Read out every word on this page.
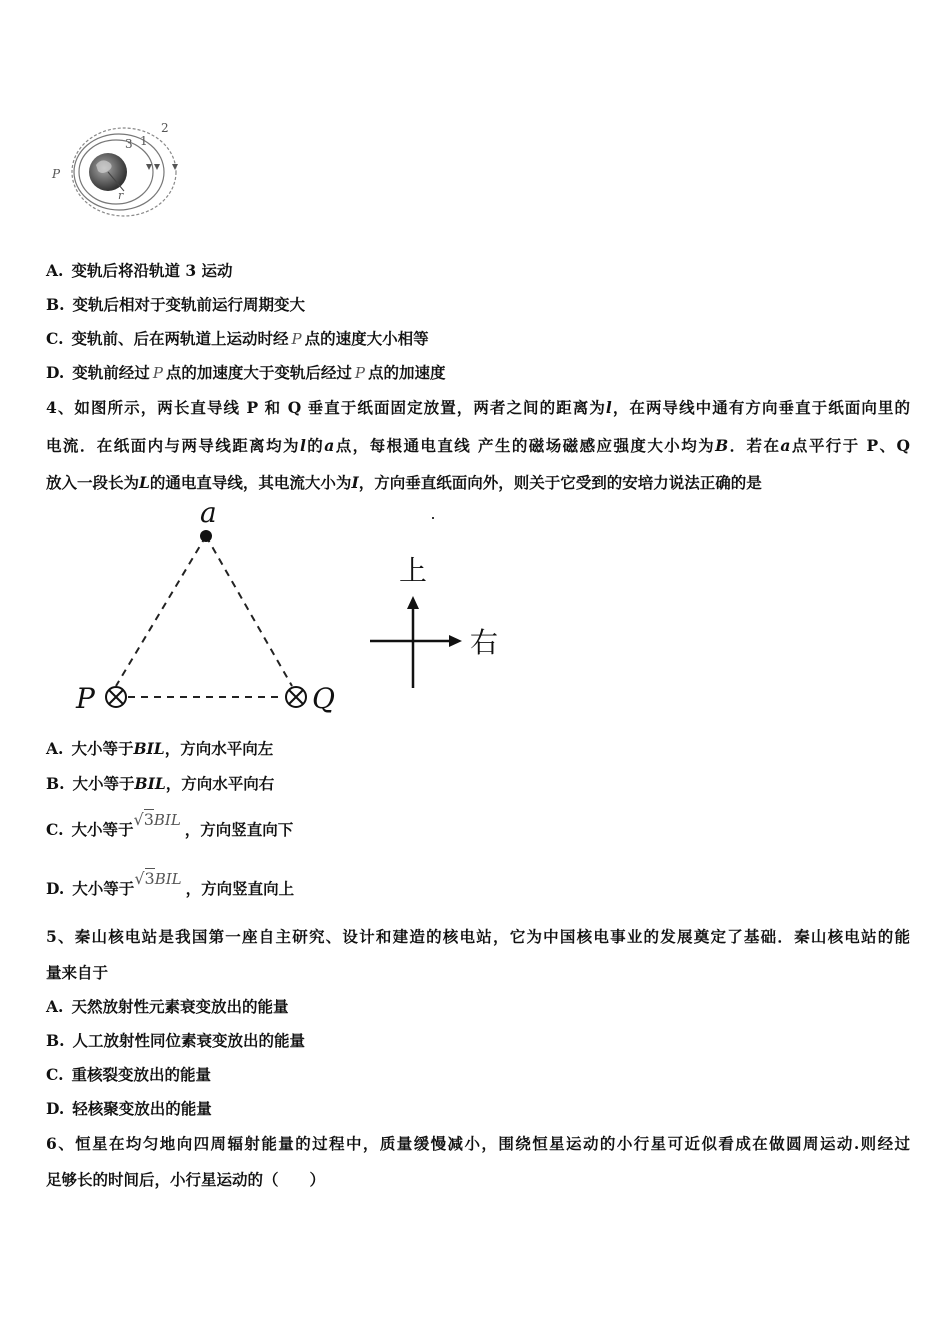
P
1
2
3
r
A. 变轨后将沿轨道 3 运动
B. 变轨后相对于变轨前运行周期变大
C. 变轨前、后在两轨道上运动时经 P 点的速度大小相等
D. 变轨前经过 P 点的加速度大于变轨后经过 P 点的加速度
4、如图所示，两长直导线 P 和 Q 垂直于纸面固定放置，两者之间的距离为l，在两导线中通有方向垂直于纸面向里的
电流．在纸面内与两导线距离均为l的a点，每根通电直线 产生的磁场磁感应强度大小均为B．若在a点平行于 P、Q
放入一段长为L的通电直导线，其电流大小为I，方向垂直纸面向外，则关于它受到的安培力说法正确的是
a
P	Q
上
右
A. 大小等于BIL，方向水平向左
B. 大小等于BIL，方向水平向右
C. 大小等于√3BIL ，方向竖直向下
D. 大小等于√3BIL ，方向竖直向上
5、秦山核电站是我国第一座自主研究、设计和建造的核电站，它为中国核电事业的发展奠定了基础．秦山核电站的能
量来自于
A. 天然放射性元素衰变放出的能量
B. 人工放射性同位素衰变放出的能量
C. 重核裂变放出的能量
D. 轻核聚变放出的能量
6、恒星在均匀地向四周辐射能量的过程中，质量缓慢减小，围绕恒星运动的小行星可近似看成在做圆周运动.则经过
足够长的时间后，小行星运动的（　　）
